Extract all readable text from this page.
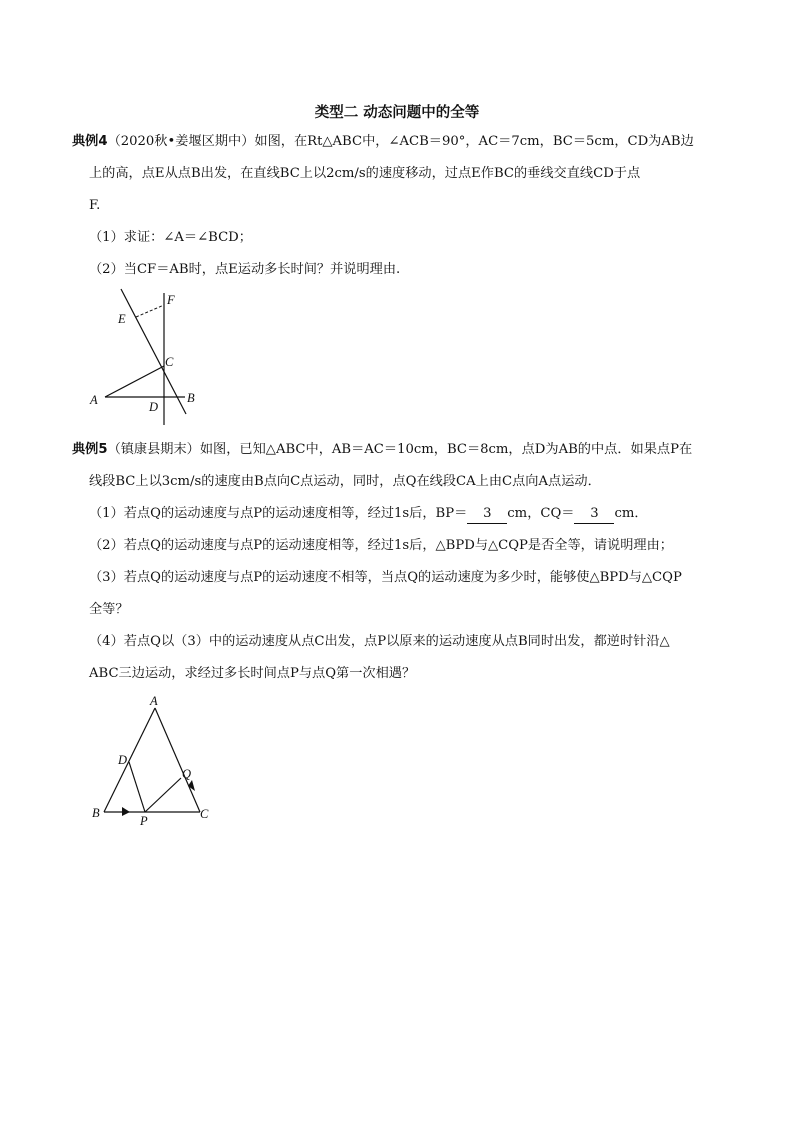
类型二 动态问题中的全等
典例4（2020秋•姜堰区期中）如图，在Rt△ABC中，∠ACB＝90°，AC＝7cm，BC＝5cm，CD为AB边
上的高，点E从点B出发，在直线BC上以2cm/s的速度移动，过点E作BC的垂线交直线CD于点
F.
（1）求证：∠A＝∠BCD；
（2）当CF＝AB时，点E运动多长时间？并说明理由.
F
E
C
A	D
B
典例5（镇康县期末）如图，已知△ABC中，AB＝AC＝10cm，BC＝8cm，点D为AB的中点．如果点P在
线段BC上以3cm/s的速度由B点向C点运动，同时，点Q在线段CA上由C点向A点运动．
（1）若点Q的运动速度与点P的运动速度相等，经过1s后，BP＝ 3 cm，CQ＝ 3 cm．
（2）若点Q的运动速度与点P的运动速度相等，经过1s后，△BPD与△CQP是否全等，请说明理由；
（3）若点Q的运动速度与点P的运动速度不相等，当点Q的运动速度为多少时，能够使△BPD与△CQP
全等？
（4）若点Q以（3）中的运动速度从点C出发，点P以原来的运动速度从点B同时出发，都逆时针沿△
ABC三边运动，求经过多长时间点P与点Q第一次相遇？
A
D
Q
B
P	C
